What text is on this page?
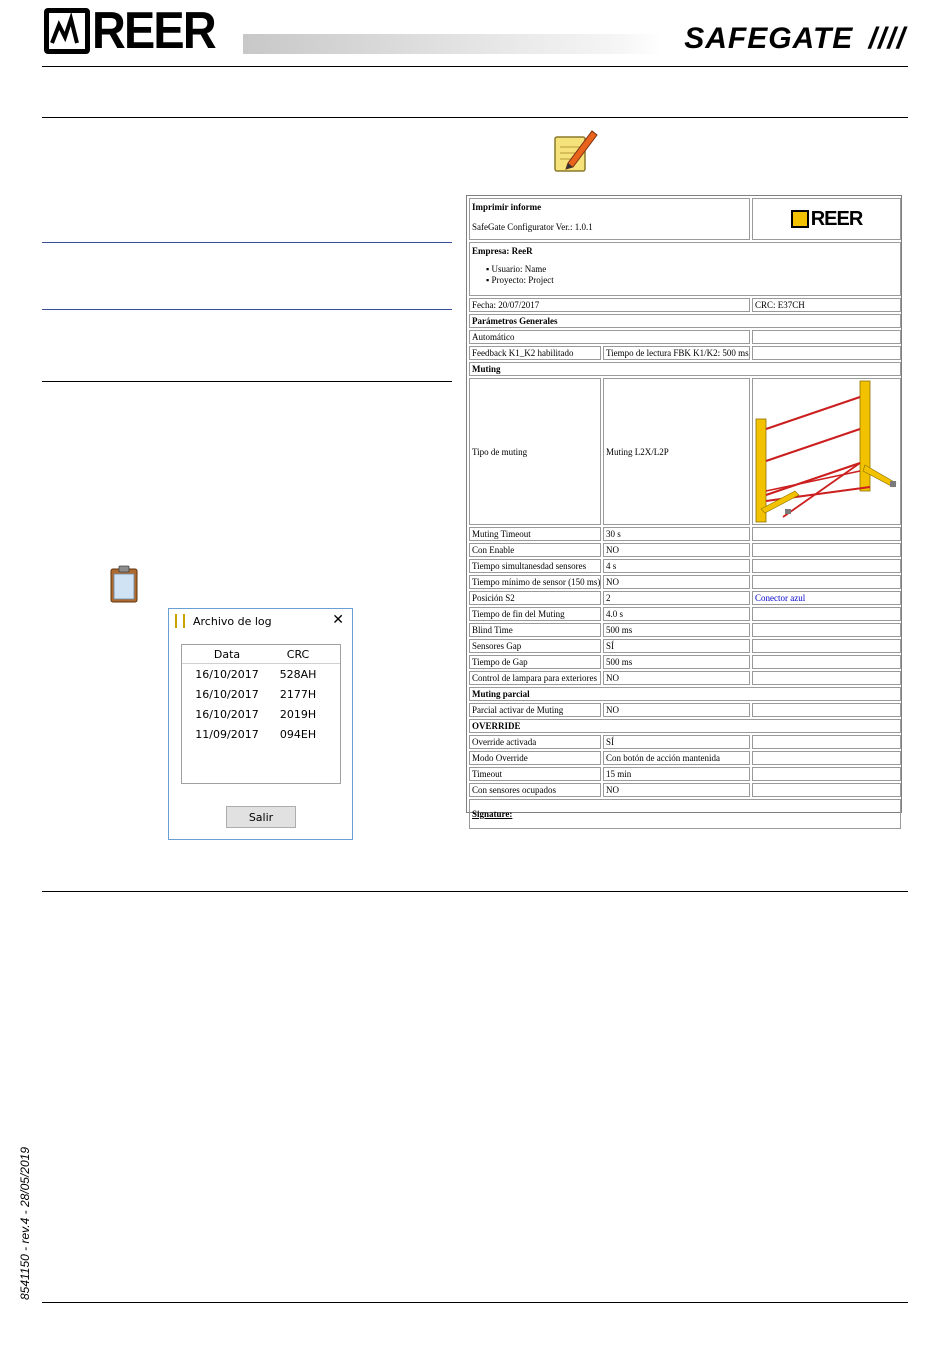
REER	SAFEGATE ////
Imprimir informe
SafeGate Configurator Ver.: 1.0.1		REER

Empresa: ReeR
▪ Usuario: Name
▪ Proyecto: Project		

Fecha: 20/07/2017		CRC: E37CH
Parámetros Generales		
Automático		
Feedback K1_K2 habilitado	Tiempo de lectura FBK K1/K2: 500 ms	
Muting		
Tipo de muting	Muting L2X/L2P	

Muting Timeout	30 s	
Con Enable	NO	
Tiempo simultanesdad sensores	4 s	
Tiempo mínimo de sensor (150 ms)	NO	
Posición S2	2	Conector azul
Tiempo de fin del Muting	4.0 s	
Blind Time	500 ms	
Sensores Gap	SÍ	
Tiempo de Gap	500 ms	
Control de lampara para exteriores	NO	
Muting parcial		
Parcial activar de Muting	NO	
OVERRIDE		
Override activada	SÍ	
Modo Override	Con botón de acción mantenida	
Timeout	15 min	
Con sensores ocupados	NO	
Signature:		
Archivo de log	✕
Data	CRC
16/10/2017	528AH
16/10/2017	2177H
16/10/2017	2019H
11/09/2017	094EH
Salir
8541150 - rev.4 - 28/05/2019
